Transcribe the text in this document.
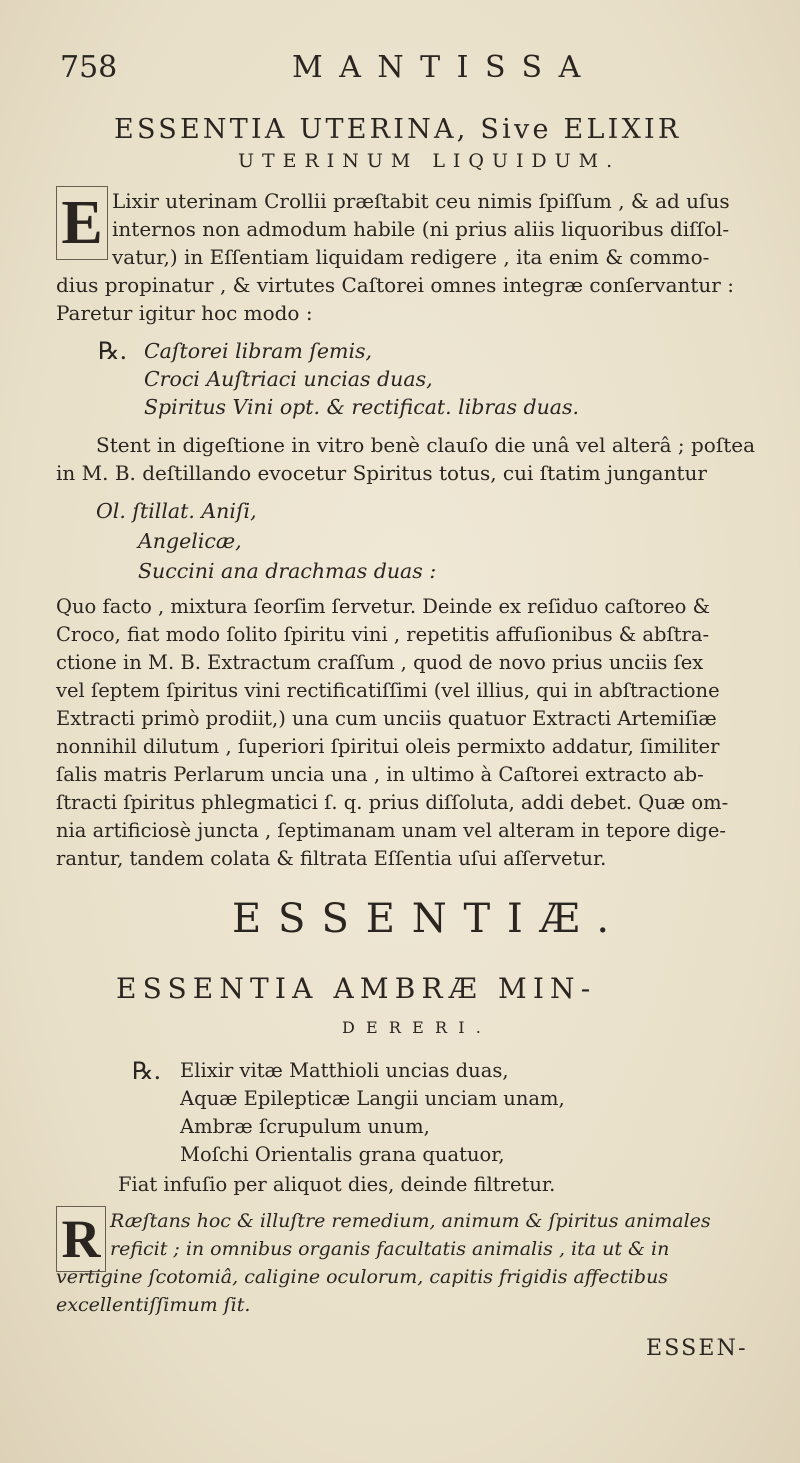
758	MANTISSA
ESSENTIA UTERINA, Sive ELIXIR
UTERINUM LIQUIDUM.
E Lixir uterinam Crollii præſtabit ceu nimis ſpiſſum , & ad uſus
internos non admodum habile (ni prius aliis liquoribus diſſol-
vatur,) in Eſſentiam liquidam redigere , ita enim & commo-
dius propinatur , & virtutes Caſtorei omnes integræ conſervantur :
Paretur igitur hoc modo :
℞. Caſtorei libram ſemis,
Croci Auſtriaci uncias duas,
Spiritus Vini opt. & rectificat. libras duas.
Stent in digeſtione in vitro benè clauſo die unâ vel alterâ ; poſtea
in M. B. deſtillando evocetur Spiritus totus, cui ſtatim jungantur
Ol. ſtillat. Aniſi,
Angelicæ,
Succini ana drachmas duas :
Quo facto , mixtura ſeorſim ſervetur. Deinde ex reſiduo caſtoreo &
Croco, fiat modo ſolito ſpiritu vini , repetitis affuſionibus & abſtra-
ctione in M. B. Extractum craſſum , quod de novo prius unciis ſex
vel ſeptem ſpiritus vini rectificatiſſimi (vel illius, qui in abſtractione
Extracti primò prodiit,) una cum unciis quatuor Extracti Artemiſiæ
nonnihil dilutum , ſuperiori ſpiritui oleis permixto addatur, ſimiliter
ſalis matris Perlarum uncia una , in ultimo à Caſtorei extracto ab-
ſtracti ſpiritus phlegmatici ſ. q. prius diſſoluta, addi debet. Quæ om-
nia artificiosè juncta , ſeptimanam unam vel alteram in tepore dige-
rantur, tandem colata & filtrata Eſſentia uſui aſſervetur.
ESSENTIÆ.
ESSENTIA AMBRÆ MIN-
DERERI.
℞. Elixir vitæ Matthioli uncias duas,
Aquæ Epilepticæ Langii unciam unam,
Ambræ ſcrupulum unum,
Moſchi Orientalis grana quatuor,
Fiat infuſio per aliquot dies, deinde filtretur.
R Ræſtans hoc & illuſtre remedium, animum & ſpiritus animales
reficit ; in omnibus organis facultatis animalis , ita ut & in
vertigine ſcotomiâ, caligine oculorum, capitis frigidis affectibus
excellentiſſimum ſit.
ESSEN-
